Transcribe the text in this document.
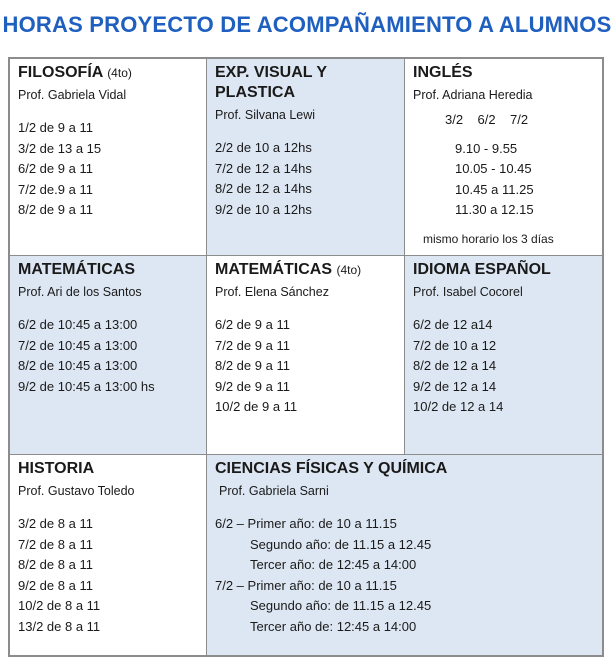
HORAS PROYECTO DE ACOMPAÑAMIENTO A ALUMNOS
FILOSOFÍA (4to)
Prof. Gabriela Vidal
1/2 de 9 a 11
3/2 de 13 a 15
6/2 de 9 a 11
7/2 de.9 a 11
8/2 de 9 a 11
EXP. VISUAL Y
PLASTICA
Prof. Silvana Lewi
2/2 de 10 a 12hs
7/2 de 12 a 14hs
8/2 de 12 a 14hs
9/2 de 10 a 12hs
INGLÉS
Prof. Adriana Heredia
3/2    6/2    7/2
9.10 - 9.55
10.05 - 10.45
10.45 a 11.25
11.30 a 12.15
mismo horario los 3 días
MATEMÁTICAS
Prof. Ari de los Santos
6/2 de 10:45 a 13:00
7/2 de 10:45 a 13:00
8/2 de 10:45 a 13:00
9/2 de 10:45 a 13:00 hs
MATEMÁTICAS (4to)
Prof. Elena Sánchez
6/2 de 9 a 11
7/2 de 9 a 11
8/2 de 9 a 11
9/2 de 9 a 11
10/2 de 9 a 11
IDIOMA ESPAÑOL
Prof. Isabel Cocorel
6/2 de 12 a14
7/2 de 10 a 12
8/2 de 12 a 14
9/2 de 12 a 14
10/2 de 12 a 14
HISTORIA
Prof. Gustavo Toledo
3/2 de 8 a 11
7/2 de 8 a 11
8/2 de 8 a 11
9/2 de 8 a 11
10/2 de 8 a 11
13/2 de 8 a 11
CIENCIAS FÍSICAS Y QUÍMICA
Prof. Gabriela Sarni
6/2 – Primer año: de 10 a 11.15
Segundo año: de 11.15 a 12.45
Tercer año: de 12:45 a 14:00
7/2 – Primer año: de 10 a 11.15
Segundo año: de 11.15 a 12.45
Tercer año de: 12:45 a 14:00
